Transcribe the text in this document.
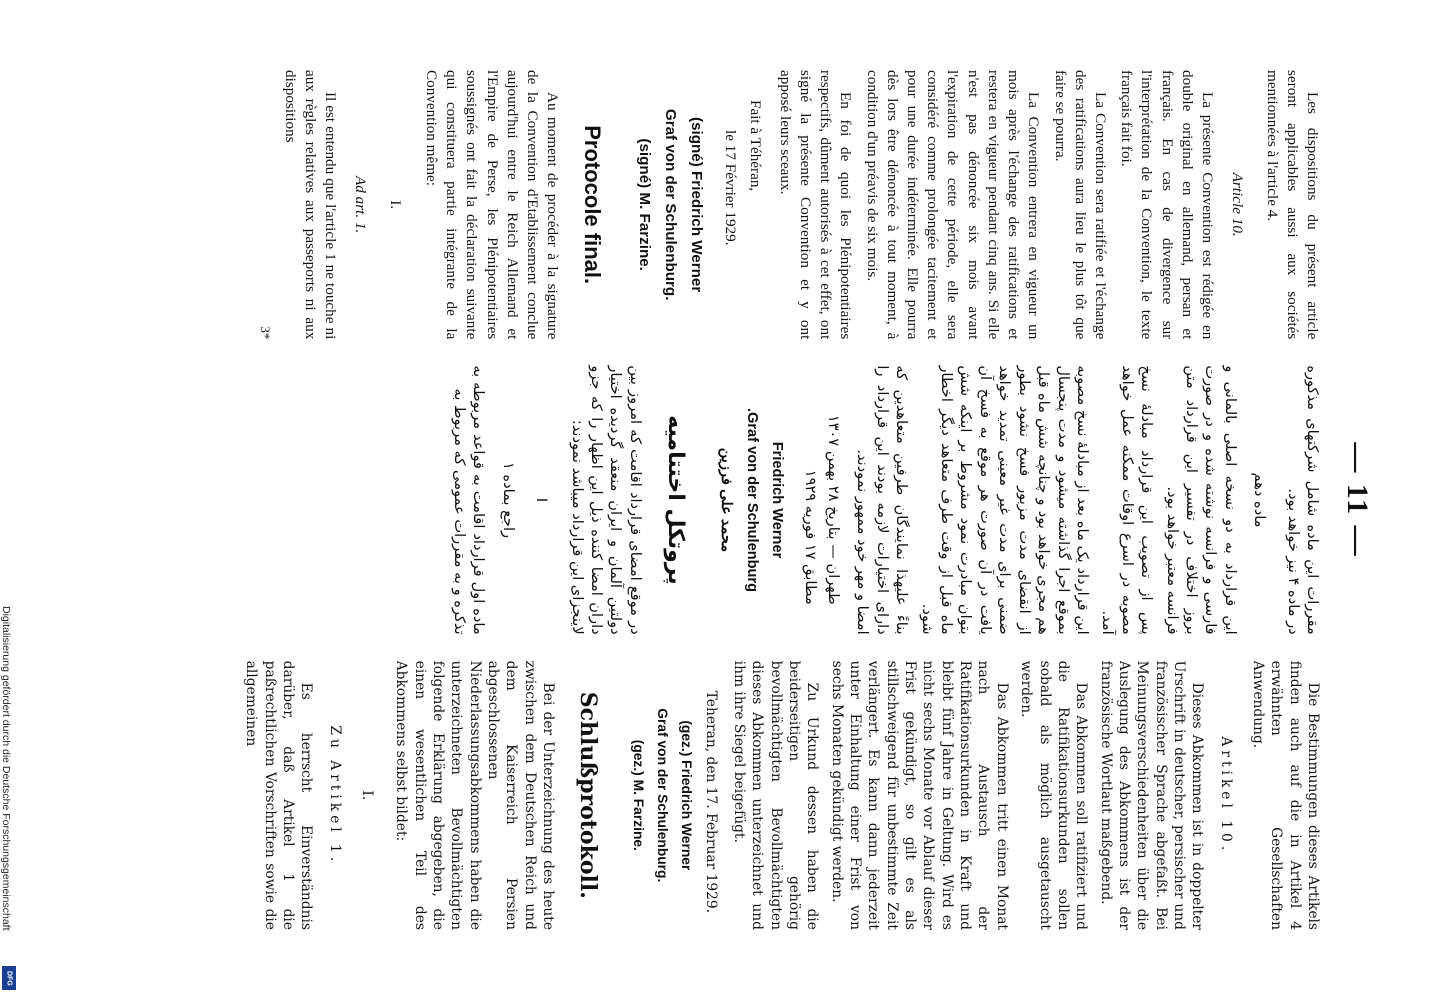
Digitalisierung gefördert durch die Deutsche Forschungsgemeinschaft
DFG
— 11 —

Les dispositions du présent article seront applicables aussi aux sociétés mentionnées à l'article 4.

Article 10.

La présente Convention est rédigée en double original en allemand, persan et français. En cas de divergence sur l'interprétation de la Convention, le texte français fait foi.

La Convention sera ratifiée et l'échange des ratifications aura lieu le plus tôt que faire se pourra.

La Convention entrera en vigueur un mois après l'échange des ratifications et restera en vigueur pendant cinq ans. Si elle n'est pas dénoncée six mois avant l'expiration de cette période, elle sera considéré comme prolongée tacitement et pour une durée indéterminée. Elle pourra dès lors être dénoncée à tout moment, à condition d'un préavis de six mois.

En foi de quoi les Plénipotentiaires respectifs, dûment autorisés à cet effet, ont signé la présente Convention et y ont apposé leurs sceaux.

Fait à Téhéran,
le 17 Février 1929.
(signé) Friedrich Werner
Graf von der Schulenburg.
(signé) M. Farzine.
Protocole final.

Au moment de procéder à la signature de la Convention d'Etablissement conclue aujourd'hui entre le Reich Allemand et l'Empire de Perse, les Plénipotentiaires soussignés ont fait la déclaration suivante qui constituera partie intégrante de la Convention même:

I.
Ad art. 1.

Il est entendu que l'article 1 ne touche ni aux règles relatives aux passeports ni aux dispositions

3*

مقررات این ماده شامل شرکتهای مذکوره در ماده ۴ نیز خواهد بود.

ماده دهم

این قرارداد به دو نسخه اصلی بالمانی و فارسی و فرانسه نوشته شده و در صورت بروز اختلاف در تفسیر این قرارداد متن فرانسه معتبر خواهد بود.

پس از تصویب این قرارداد مبادلهٔ نسخ مصوبه در اسرع اوقات ممکنه عمل خواهد آمد.

این قرارداد یک ماه بعد از مبادلهٔ نسخ مصوبه بموقع اجرا گذاشته میشود و مدت پنجسال هم مجری خواهد بود و چنانچه شش ماه قبل از انقضای مدت مزبور فسخ نشود بطور ضمنی برای مدت غیر معینی تمدید خواهد یافت در آن صورت هر موقع به فسخ آن بتوان مبادرت نمود مشروط بر اینکه شش ماه قبل از وقت طرف متعاهد دیگر اخطار شود.

بناءً علیهذا نمایندگان طرفین متعاهدین که دارای اختیارات لازمه بودند این قرارداد را امضا و مهر خود ممهور نمودند.

طهران — بتاریخ ۲۸ بهمن ۱۳۰۷
مطابق ۱۷ فوریه ۱۹۲۹
Friedrich Werner
Graf von der Schulenburg.
محمد علی فرزین
پروتکل اختتامیه

در موقع امضای قرارداد اقامت که امروز بین دولتین آلمان و ایران منعقد گردیده اختیار داران امضا کننده ذیل این اظهار را که جزو لاینجزای این قرارداد میباشد نمودند:

I
راجع بماده ۱

ماده اول قرارداد اقامت به قواعد مربوطه به تذکره و به مقررات عمومی که مربوط به

Die Bestimmungen dieses Artikels finden auch auf die in Artikel 4 erwähnten Gesellschaften Anwendung.

Artikel 10.

Dieses Abkommen ist in doppelter Urschrift in deutscher, persischer und französischer Sprache abgefaßt. Bei Meinungsverschiedenheiten über die Auslegung des Abkommens ist der französische Wortlaut maßgebend.

Das Abkommen soll ratifiziert und die Ratifikationsurkunden sollen sobald als möglich ausgetauscht werden.

Das Abkommen tritt einen Monat nach Austausch der Ratifikationsurkunden in Kraft und bleibt fünf Jahre in Geltung. Wird es nicht sechs Monate vor Ablauf dieser Frist gekündigt, so gilt es als stillschweigend für unbestimmte Zeit verlängert. Es kann dann jederzeit unter Einhaltung einer Frist von sechs Monaten gekündigt werden.

Zu Urkund dessen haben die beiderseitigen gehörig bevollmächtigten Bevollmächtigten dieses Abkommen unterzeichnet und ihm ihre Siegel beigefügt.

Teheran, den 17. Februar 1929.
(gez.) Friedrich Werner
Graf von der Schulenburg.
(gez.) M. Farzine.
Schlußprotokoll.

Bei der Unterzeichnung des heute zwischen dem Deutschen Reich und dem Kaiserreich Persien abgeschlossenen Niederlassungsabkommens haben die unterzeichneten Bevollmächtigten folgende Erklärung abgegeben, die einen wesentlichen Teil des Abkommens selbst bildet:

I.
Zu Artikel 1.

Es herrscht Einverständnis darüber, daß Artikel 1 die paßrechtlichen Vorschriften sowie die allgemeinen
